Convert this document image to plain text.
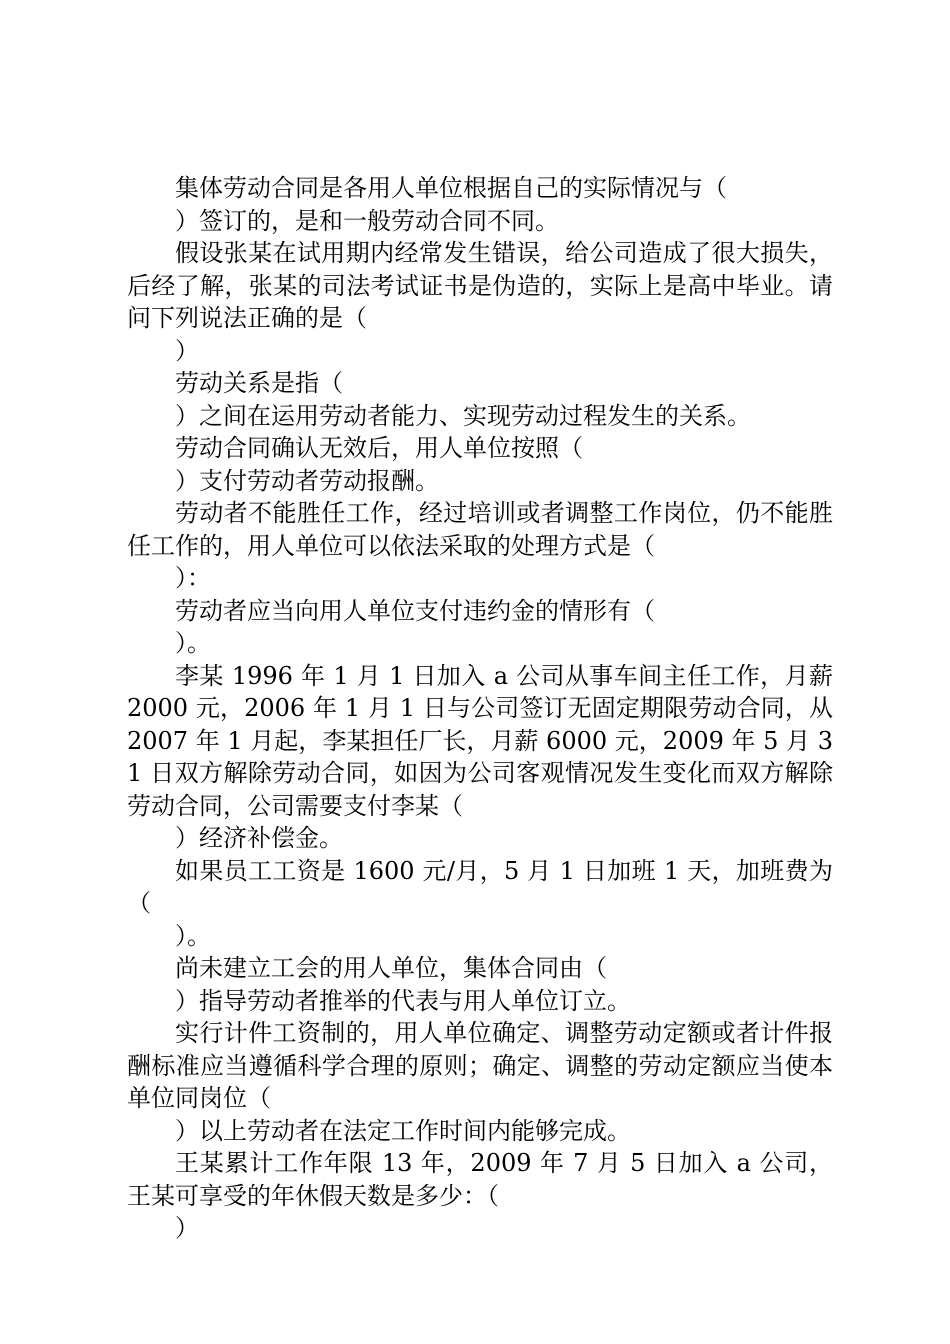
集体劳动合同是各用人单位根据自己的实际情况与（

）签订的，是和一般劳动合同不同。

假设张某在试用期内经常发生错误，给公司造成了很大损失，后经了解，张某的司法考试证书是伪造的，实际上是高中毕业。请问下列说法正确的是（

）

劳动关系是指（

）之间在运用劳动者能力、实现劳动过程发生的关系。

劳动合同确认无效后，用人单位按照（

）支付劳动者劳动报酬。

劳动者不能胜任工作，经过培训或者调整工作岗位，仍不能胜任工作的，用人单位可以依法采取的处理方式是（

）：

劳动者应当向用人单位支付违约金的情形有（

）。

李某 1996 年 1 月 1 日加入 a 公司从事车间主任工作，月薪 2000 元，2006 年 1 月 1 日与公司签订无固定期限劳动合同，从 2007 年 1 月起，李某担任厂长，月薪 6000 元，2009 年 5 月 31 日双方解除劳动合同，如因为公司客观情况发生变化而双方解除劳动合同，公司需要支付李某（

）经济补偿金。

如果员工工资是 1600 元/月，5 月 1 日加班 1 天，加班费为（

）。

尚未建立工会的用人单位，集体合同由（

）指导劳动者推举的代表与用人单位订立。

实行计件工资制的，用人单位确定、调整劳动定额或者计件报酬标准应当遵循科学合理的原则；确定、调整的劳动定额应当使本单位同岗位（

）以上劳动者在法定工作时间内能够完成。

王某累计工作年限 13 年，2009 年 7 月 5 日加入 a 公司，王某可享受的年休假天数是多少：（

）
